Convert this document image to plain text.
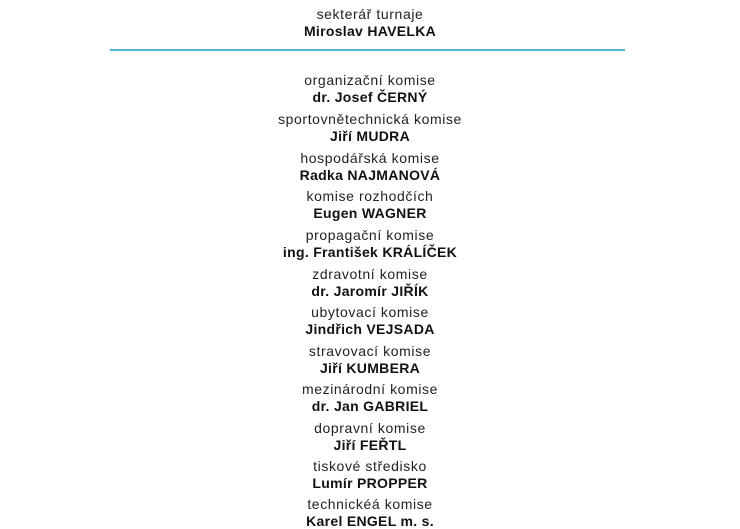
sekterář turnaje
Miroslav HAVELKA
organizační komise
dr. Josef ČERNÝ
sportovnětechnická komise
Jiří MUDRA
hospodářská komise
Radka NAJMANOVÁ
komise rozhodčích
Eugen WAGNER
propagační komise
ing. František KRÁLÍČEK
zdravotní komise
dr. Jaromír JIŘÍK
ubytovací komise
Jindřich VEJSADA
stravovací komise
Jiří KUMBERA
mezinárodní komise
dr. Jan GABRIEL
dopravní komise
Jiří FEŘTL
tiskové středisko
Lumír PROPPER
technickéá komise
Karel ENGEL m. s.
